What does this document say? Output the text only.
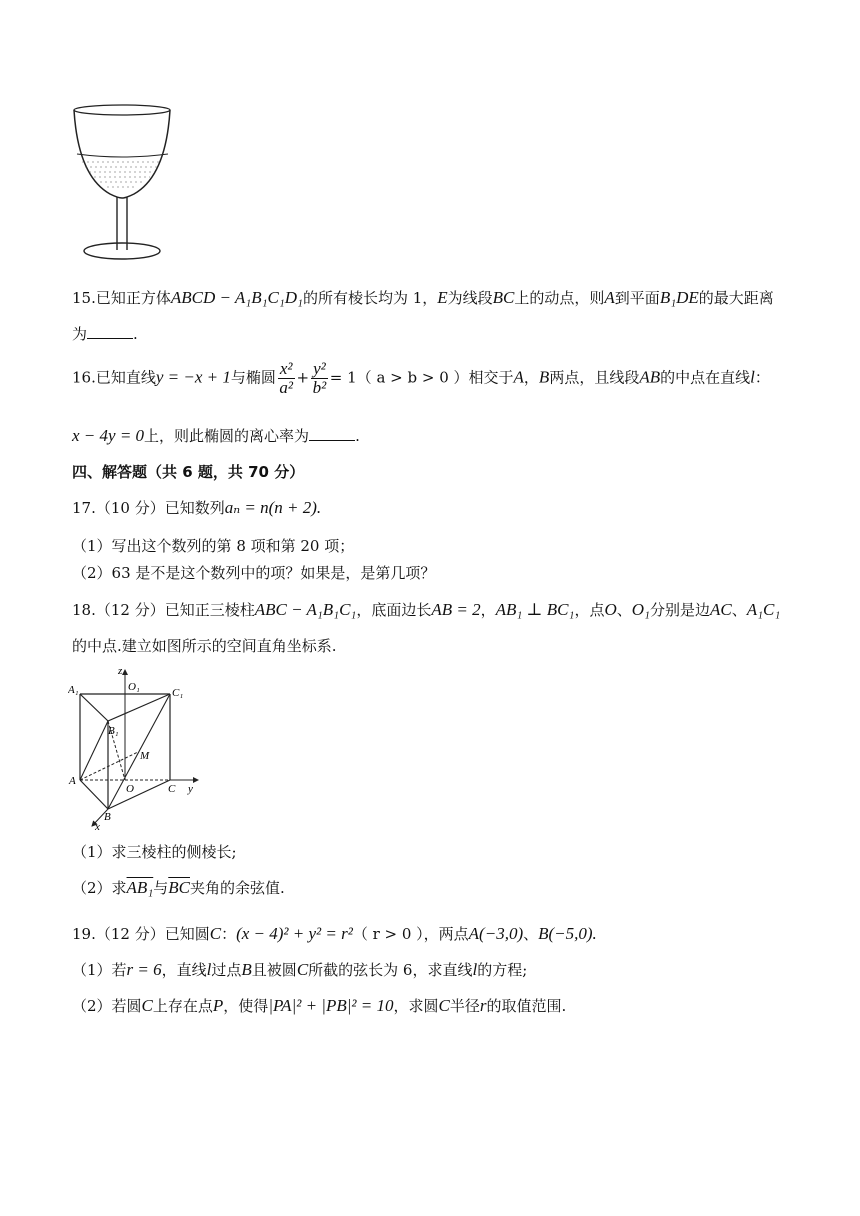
15.已知正方体ABCD − A₁B₁C₁D₁的所有棱长均为 1，E为线段BC上的动点，则A到平面B₁DE的最大距离
为	.
16.已知直线y = −x + 1与椭圆 $\frac{\text{x²}}{\text{a²}} + \frac{\text{y²}}{\text{b²}} = 1$（ a > b > 0 ）相交于A，B两点，且线段AB的中点在直线l：
x − 4y = 0上，则此椭圆的离心率为	.
四、解答题（共 6 题，共 70 分）
17.（10 分）已知数列aₙ = n(n + 2).
（1）写出这个数列的第 8 项和第 20 项；
（2）63 是不是这个数列中的项？如果是，是第几项？
18.（12 分）已知正三棱柱ABC − A₁B₁C₁，底面边长AB = 2，AB₁ ⊥ BC₁，点O、O₁分别是边AC、A₁C₁
的中点.建立如图所示的空间直角坐标系.
z
O₁
A₁	C₁
B₁
M
A
O	C y
B
x
（1）求三棱柱的侧棱长;
（2）求AB₁与$\overline{BC}$夹角的余弦值.
19.（12 分）已知圆C：(x − 4)² + y² = r²（ r > 0 ），两点A(−3,0)、B(−5,0).
（1）若r = 6，直线l过点B且被圆C所截的弦长为 6，求直线l的方程;
（2）若圆C上存在点P，使得|PA|² + |PB|² = 10，求圆C半径r的取值范围.
